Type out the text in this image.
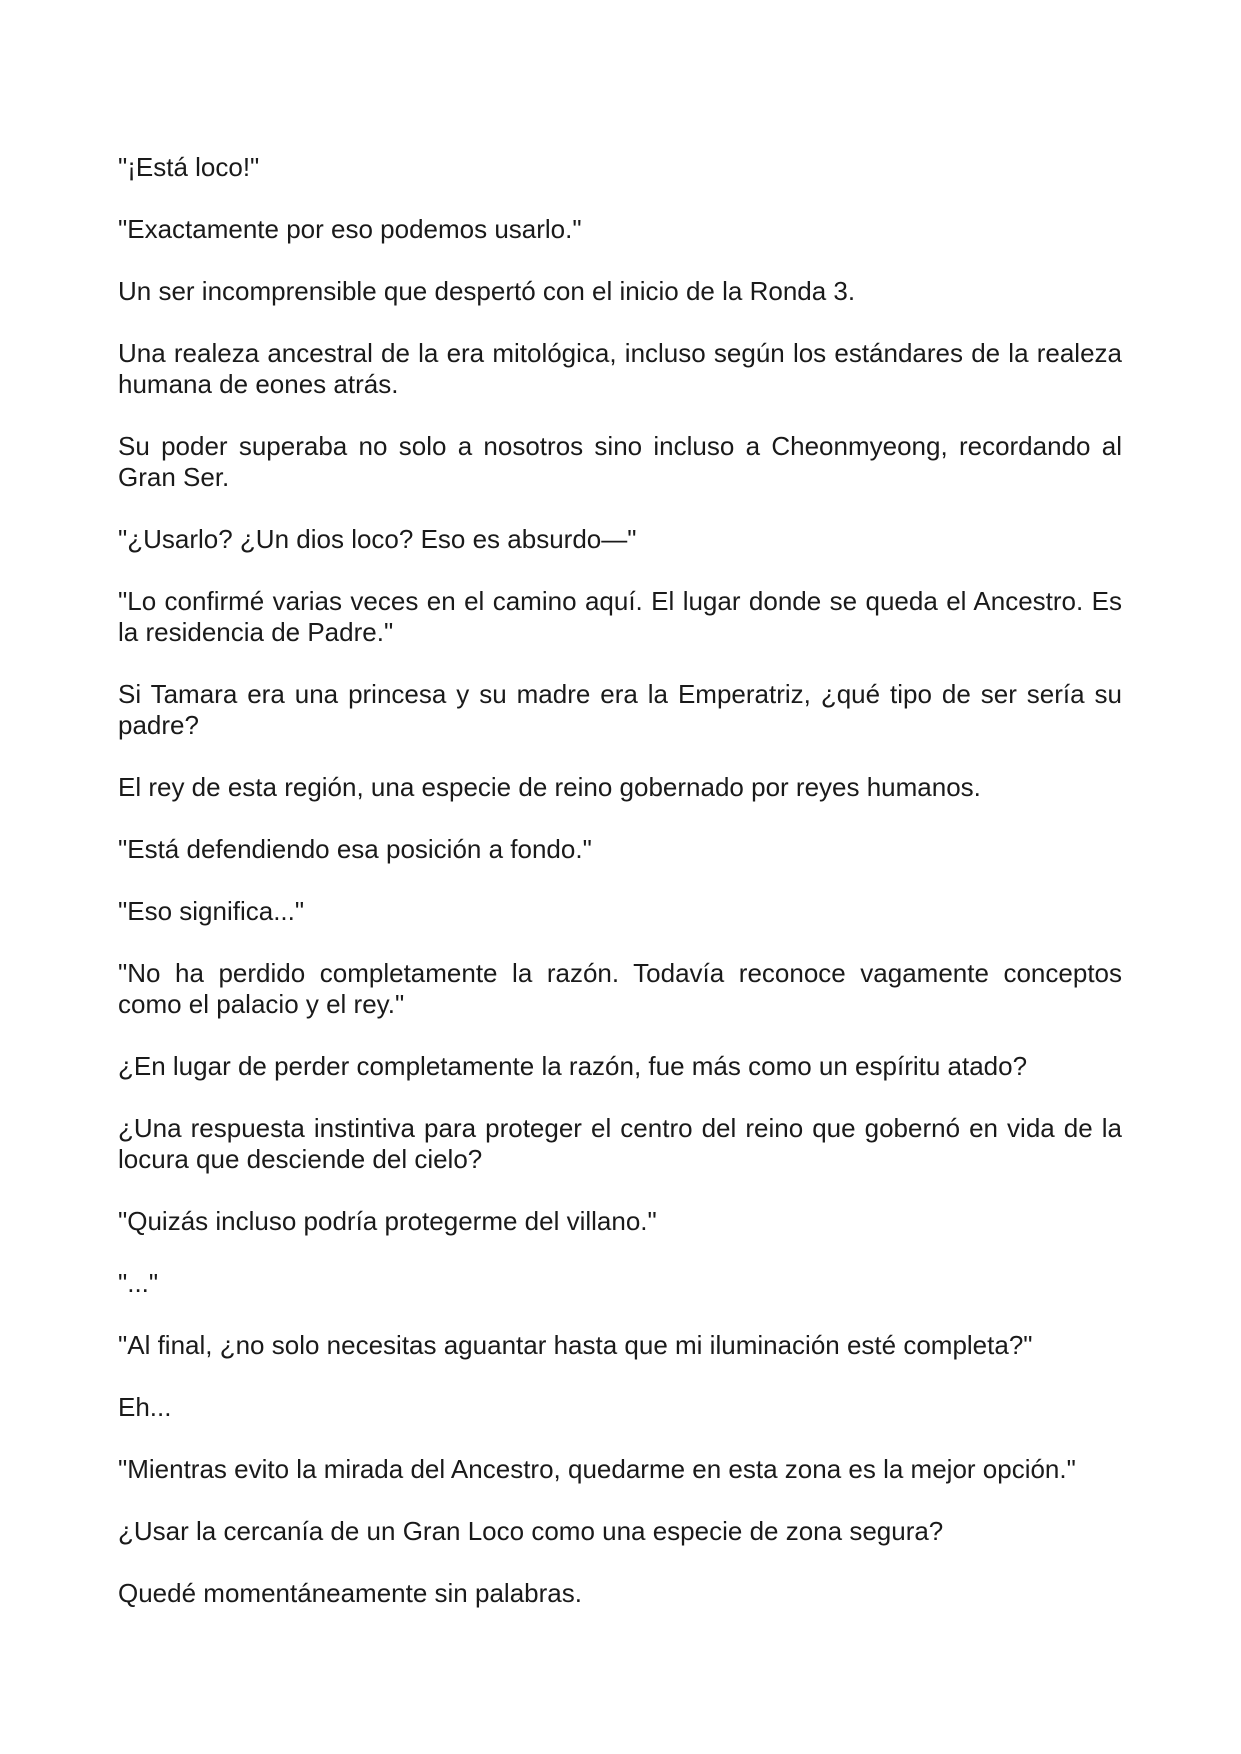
"¡Está loco!"

"Exactamente por eso podemos usarlo."

Un ser incomprensible que despertó con el inicio de la Ronda 3.

Una realeza ancestral de la era mitológica, incluso según los estándares de la realeza humana de eones atrás.

Su poder superaba no solo a nosotros sino incluso a Cheonmyeong, recordando al Gran Ser.

"¿Usarlo? ¿Un dios loco? Eso es absurdo—"

"Lo confirmé varias veces en el camino aquí. El lugar donde se queda el Ancestro. Es la residencia de Padre."

Si Tamara era una princesa y su madre era la Emperatriz, ¿qué tipo de ser sería su padre?

El rey de esta región, una especie de reino gobernado por reyes humanos.

"Está defendiendo esa posición a fondo."

"Eso significa..."

"No ha perdido completamente la razón. Todavía reconoce vagamente conceptos como el palacio y el rey."

¿En lugar de perder completamente la razón, fue más como un espíritu atado?

¿Una respuesta instintiva para proteger el centro del reino que gobernó en vida de la locura que desciende del cielo?

"Quizás incluso podría protegerme del villano."

"..."

"Al final, ¿no solo necesitas aguantar hasta que mi iluminación esté completa?"

Eh...

"Mientras evito la mirada del Ancestro, quedarme en esta zona es la mejor opción."

¿Usar la cercanía de un Gran Loco como una especie de zona segura?

Quedé momentáneamente sin palabras.
